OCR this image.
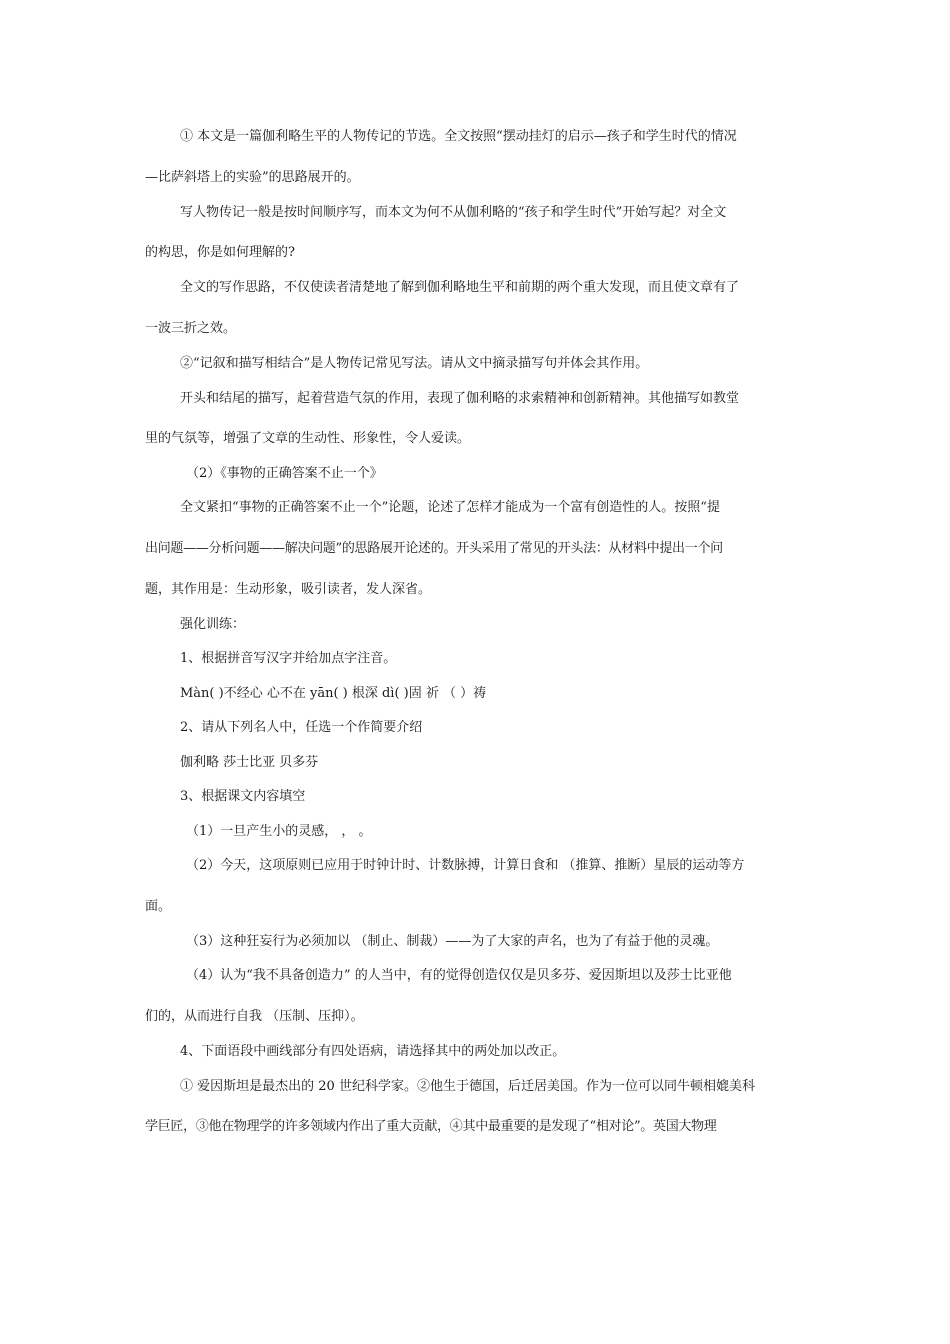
① 本文是一篇伽利略生平的人物传记的节选。全文按照“摆动挂灯的启示—孩子和学生时代的情况
—比萨斜塔上的实验”的思路展开的。
写人物传记一般是按时间顺序写，而本文为何不从伽利略的“孩子和学生时代”开始写起？对全文
的构思，你是如何理解的?
全文的写作思路，不仅使读者清楚地了解到伽利略地生平和前期的两个重大发现，而且使文章有了
一波三折之效。
②“记叙和描写相结合”是人物传记常见写法。请从文中摘录描写句并体会其作用。
开头和结尾的描写，起着营造气氛的作用，表现了伽利略的求索精神和创新精神。其他描写如教堂
里的气氛等，增强了文章的生动性、形象性，令人爱读。
（2）《事物的正确答案不止一个》
全文紧扣“事物的正确答案不止一个”论题，论述了怎样才能成为一个富有创造性的人。按照“提
出问题——分析问题——解决问题”的思路展开论述的。开头采用了常见的开头法：从材料中提出一个问
题，其作用是：生动形象，吸引读者，发人深省。
强化训练：
1、根据拼音写汉字并给加点字注音。
Màn( )不经心 心不在 yān( ) 根深 dì( )固 祈 （ ）祷
2、请从下列名人中，任选一个作简要介绍
伽利略 莎士比亚 贝多芬
3、根据课文内容填空
（1）一旦产生小的灵感， ， 。
（2）今天，这项原则已应用于时钟计时、计数脉搏，计算日食和 （推算、推断）星辰的运动等方
面。
（3）这种狂妄行为必须加以 （制止、制裁）——为了大家的声名，也为了有益于他的灵魂。
（4）认为“我不具备创造力” 的人当中，有的觉得创造仅仅是贝多芬、爱因斯坦以及莎士比亚他
们的，从而进行自我 （压制、压抑）。
4、下面语段中画线部分有四处语病，请选择其中的两处加以改正。
① 爱因斯坦是最杰出的 20 世纪科学家。②他生于德国，后迁居美国。作为一位可以同牛顿相媲美科
学巨匠，③他在物理学的许多领域内作出了重大贡献，④其中最重要的是发现了“相对论”。英国大物理
